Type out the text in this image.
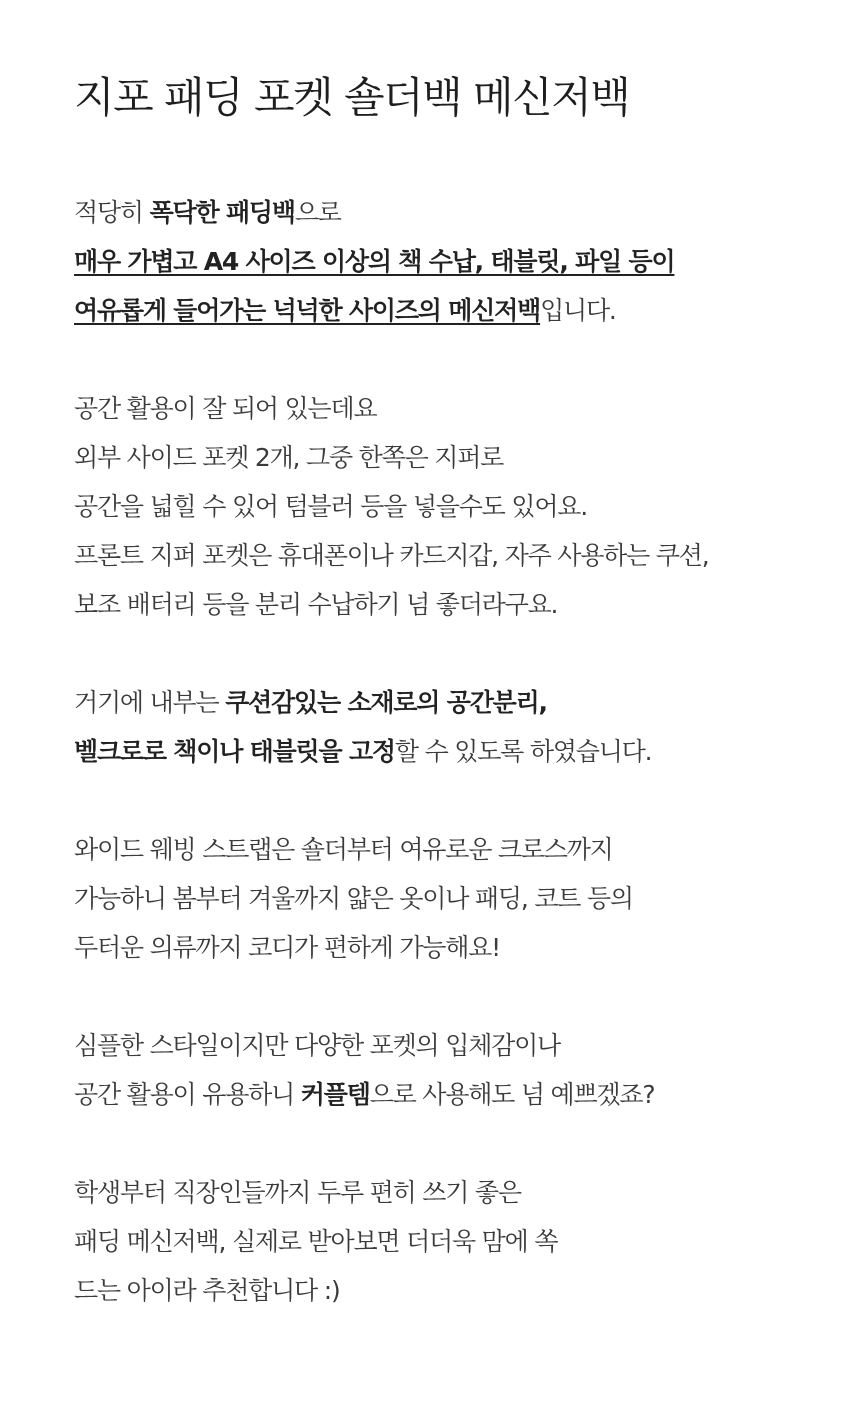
지포 패딩 포켓 숄더백 메신저백
적당히 폭닥한 패딩백으로
매우 가볍고 A4 사이즈 이상의 책 수납, 태블릿, 파일 등이
여유롭게 들어가는 넉넉한 사이즈의 메신저백입니다.
공간 활용이 잘 되어 있는데요
외부 사이드 포켓 2개, 그중 한쪽은 지퍼로
공간을 넓힐 수 있어 텀블러 등을 넣을수도 있어요.
프론트 지퍼 포켓은 휴대폰이나 카드지갑, 자주 사용하는 쿠션,
보조 배터리 등을 분리 수납하기 넘 좋더라구요.
거기에 내부는 쿠션감있는 소재로의 공간분리,
벨크로로 책이나 태블릿을 고정할 수 있도록 하였습니다.
와이드 웨빙 스트랩은 숄더부터 여유로운 크로스까지
가능하니 봄부터 겨울까지 얇은 옷이나 패딩, 코트 등의
두터운 의류까지 코디가 편하게 가능해요!
심플한 스타일이지만 다양한 포켓의 입체감이나
공간 활용이 유용하니 커플템으로 사용해도 넘 예쁘겠죠?
학생부터 직장인들까지 두루 편히 쓰기 좋은
패딩 메신저백, 실제로 받아보면 더더욱 맘에 쏙
드는 아이라 추천합니다 :)
